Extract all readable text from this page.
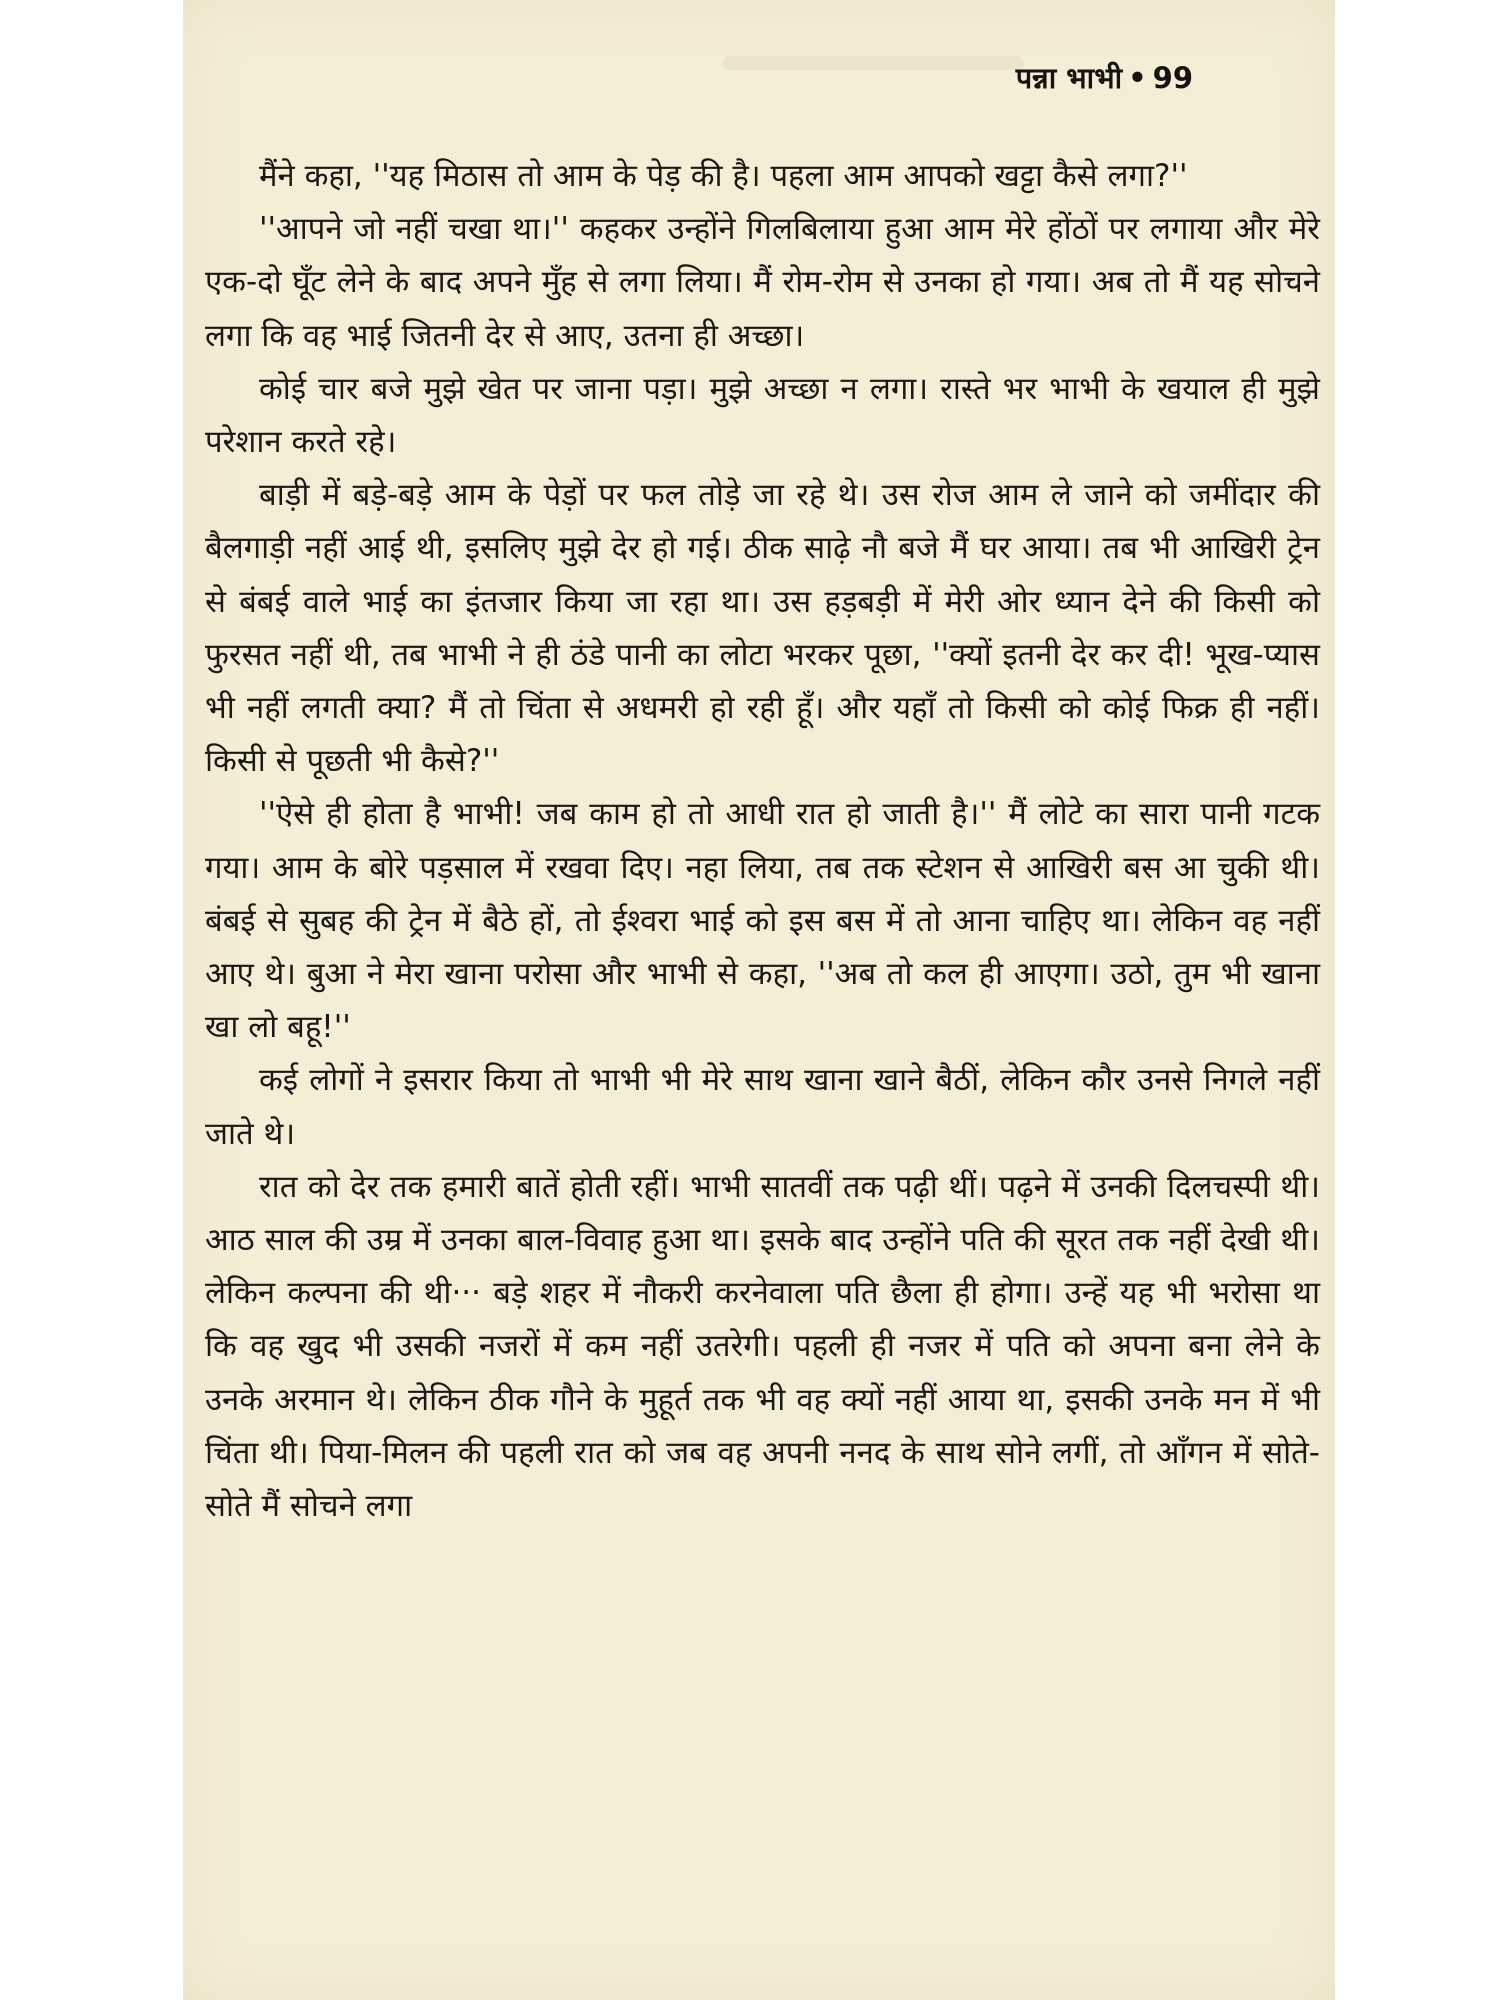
पन्ना भाभी • 99

मैंने कहा, ''यह मिठास तो आम के पेड़ की है। पहला आम आपको खट्टा कैसे लगा?''

''आपने जो नहीं चखा था।'' कहकर उन्होंने गिलबिलाया हुआ आम मेरे होंठों पर लगाया और मेरे एक-दो घूँट लेने के बाद अपने मुँह से लगा लिया। मैं रोम-रोम से उनका हो गया। अब तो मैं यह सोचने लगा कि वह भाई जितनी देर से आए, उतना ही अच्छा।

कोई चार बजे मुझे खेत पर जाना पड़ा। मुझे अच्छा न लगा। रास्ते भर भाभी के खयाल ही मुझे परेशान करते रहे।

बाड़ी में बड़े-बड़े आम के पेड़ों पर फल तोड़े जा रहे थे। उस रोज आम ले जाने को जमींदार की बैलगाड़ी नहीं आई थी, इसलिए मुझे देर हो गई। ठीक साढ़े नौ बजे मैं घर आया। तब भी आखिरी ट्रेन से बंबई वाले भाई का इंतजार किया जा रहा था। उस हड़बड़ी में मेरी ओर ध्यान देने की किसी को फुरसत नहीं थी, तब भाभी ने ही ठंडे पानी का लोटा भरकर पूछा, ''क्यों इतनी देर कर दी! भूख-प्यास भी नहीं लगती क्या? मैं तो चिंता से अधमरी हो रही हूँ। और यहाँ तो किसी को कोई फिक्र ही नहीं। किसी से पूछती भी कैसे?''

''ऐसे ही होता है भाभी! जब काम हो तो आधी रात हो जाती है।'' मैं लोटे का सारा पानी गटक गया। आम के बोरे पड़साल में रखवा दिए। नहा लिया, तब तक स्टेशन से आखिरी बस आ चुकी थी। बंबई से सुबह की ट्रेन में बैठे हों, तो ईश्वरा भाई को इस बस में तो आना चाहिए था। लेकिन वह नहीं आए थे। बुआ ने मेरा खाना परोसा और भाभी से कहा, ''अब तो कल ही आएगा। उठो, तुम भी खाना खा लो बहू!''

कई लोगों ने इसरार किया तो भाभी भी मेरे साथ खाना खाने बैठीं, लेकिन कौर उनसे निगले नहीं जाते थे।

रात को देर तक हमारी बातें होती रहीं। भाभी सातवीं तक पढ़ी थीं। पढ़ने में उनकी दिलचस्पी थी। आठ साल की उम्र में उनका बाल-विवाह हुआ था। इसके बाद उन्होंने पति की सूरत तक नहीं देखी थी। लेकिन कल्पना की थी··· बड़े शहर में नौकरी करनेवाला पति छैला ही होगा। उन्हें यह भी भरोसा था कि वह खुद भी उसकी नजरों में कम नहीं उतरेगी। पहली ही नजर में पति को अपना बना लेने के उनके अरमान थे। लेकिन ठीक गौने के मुहूर्त तक भी वह क्यों नहीं आया था, इसकी उनके मन में भी चिंता थी। पिया-मिलन की पहली रात को जब वह अपनी ननद के साथ सोने लगीं, तो आँगन में सोते-सोते मैं सोचने लगा
